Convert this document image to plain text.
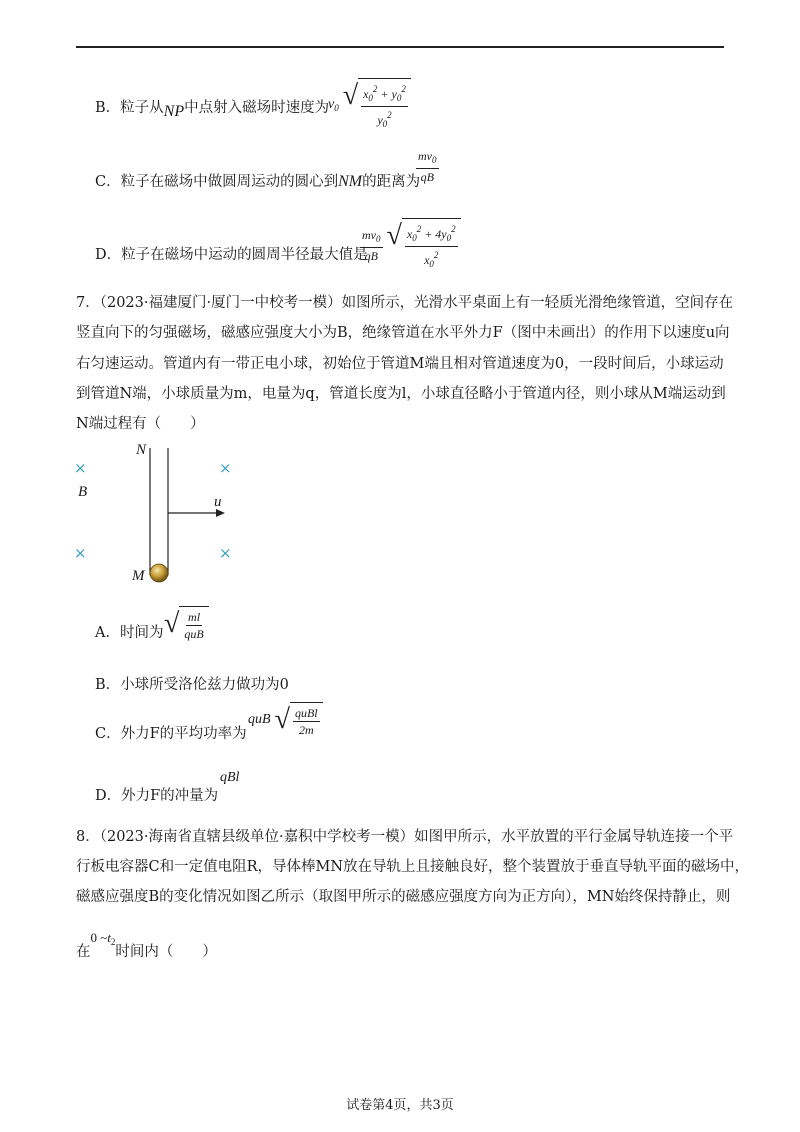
B．粒子从NP中点射入磁场时速度为
$v_0$ √ $\frac{x_0^2 + y_0^2}{y_0^2}$
C．粒子在磁场中做圆周运动的圆心到NM的距离为
$\frac{mv_0}{qB}$
D．粒子在磁场中运动的圆周半径最大值是
$\frac{mv_0}{qB}$
√ $\frac{x_0^2 + 4y_0^2}{x_0^2}$
7．（2023·福建厦门·厦门一中校考一模）如图所示，光滑水平桌面上有一轻质光滑绝缘管道，空间存在
竖直向下的匀强磁场，磁感应强度大小为B，绝缘管道在水平外力F（图中未画出）的作用下以速度u向
右匀速运动。管道内有一带正电小球，初始位于管道M端且相对管道速度为0，一段时间后，小球运动
到管道N端，小球质量为m，电量为q，管道长度为l，小球直径略小于管道内径，则小球从M端运动到
N端过程有（　　）
N
B
u
M
×	×
×	×
A．时间为 √ $\frac{ml}{\text{quB}}$
B．小球所受洛伦兹力做功为0
C．外力F的平均功率为
quB √ $\frac{\text{quBl}}{2m}$
D．外力F的冲量为
qBl
8．（2023·海南省直辖县级单位·嘉积中学校考一模）如图甲所示，水平放置的平行金属导轨连接一个平
行板电容器C和一定值电阻R，导体棒MN放在导轨上且接触良好，整个装置放于垂直导轨平面的磁场中，
磁感应强度B的变化情况如图乙所示（取图甲所示的磁感应强度方向为正方向），MN始终保持静止，则
在0 $\sim t_2$时间内（　　）
试卷第4页，共3页
